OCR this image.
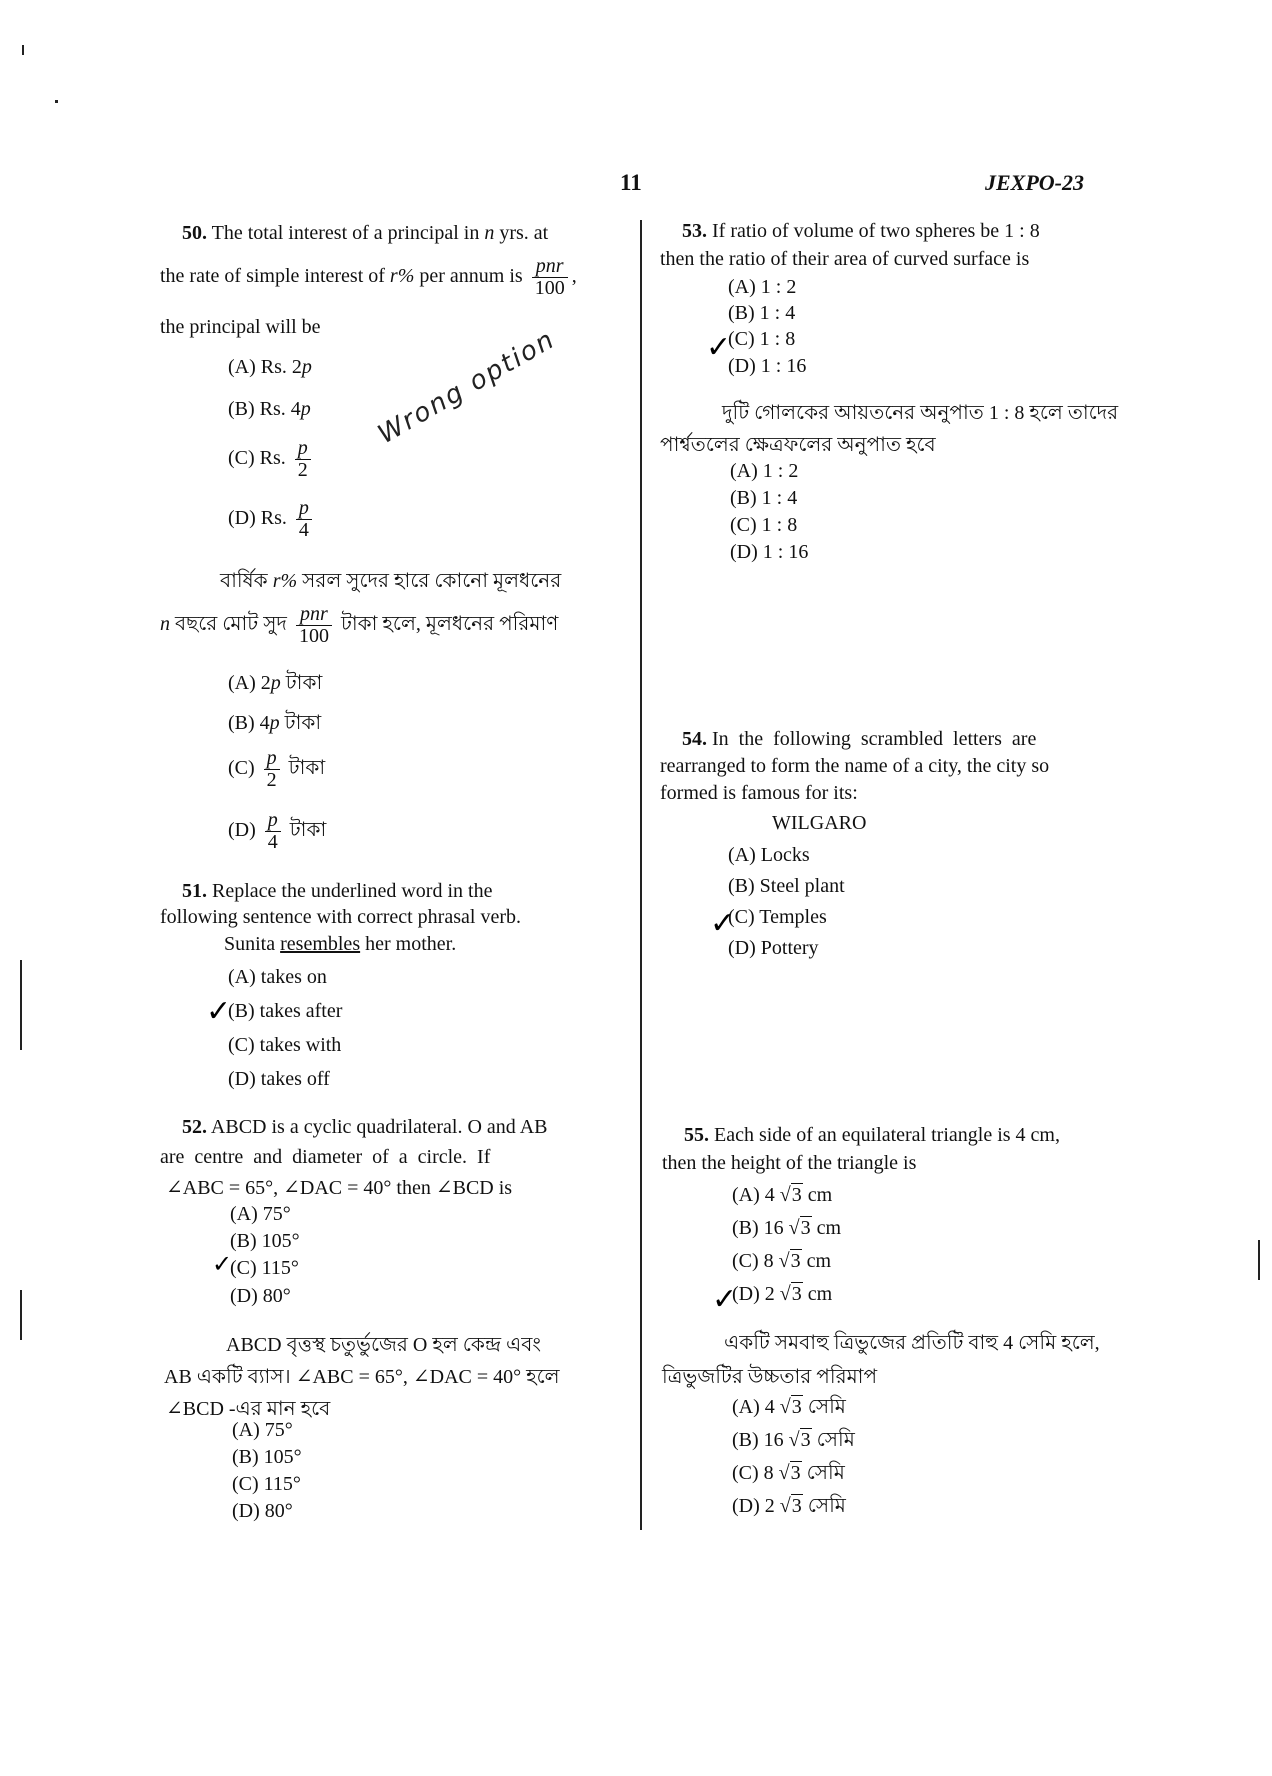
11	JEXPO-23
50. The total interest of a principal in n yrs. at
the rate of simple interest of r% per annum is $\frac{\text{pnr}}{100}$ ,
the principal will be
(A) Rs. 2p
(B) Rs. 4p
(C) Rs. $\frac{p}{2}$
(D) Rs. $\frac{p}{4}$
Wrong option
বার্ষিক r% সরল সুদের হারে কোনো মূলধনের
n বছরে মোট সুদ $\frac{\text{pnr}}{100}$ টাকা হলে, মূলধনের পরিমাণ
(A) 2p টাকা
(B) 4p টাকা
$(C) \frac{p}{2}$ টাকা
$(D) \frac{p}{4}$ টাকা
51. Replace the underlined word in the
following sentence with correct phrasal verb.
Sunita resembles her mother.
(A) takes on
(B) takes after
(C) takes with
(D) takes off
✓
52. ABCD is a cyclic quadrilateral. O and AB
are  centre  and  diameter  of  a  circle.  If
∠ABC = 65°, ∠DAC = 40° then ∠BCD is
(A) 75°
(B) 105°
(C) 115°
(D) 80°
✓
ABCD বৃত্তস্থ চতুর্ভুজের O হল কেন্দ্র এবং
AB একটি ব্যাস। ∠ABC = 65°, ∠DAC = 40° হলে
∠BCD -এর মান হবে
(A) 75°
(B) 105°
(C) 115°
(D) 80°
53. If ratio of volume of two spheres be 1 : 8
then the ratio of their area of curved surface is
(A) 1 : 2
(B) 1 : 4
(C) 1 : 8
(D) 1 : 16
✓
দুটি গোলকের আয়তনের অনুপাত 1 : 8 হলে তাদের
পার্শ্বতলের ক্ষেত্রফলের অনুপাত হবে
(A) 1 : 2
(B) 1 : 4
(C) 1 : 8
(D) 1 : 16
54. In  the  following  scrambled  letters  are
rearranged to form the name of a city, the city so
formed is famous for its:
WILGARO
(A) Locks
(B) Steel plant
(C) Temples
(D) Pottery
✓
55. Each side of an equilateral triangle is 4 cm,
then the height of the triangle is
(A) 4 √3 cm
(B) 16 √3 cm
(C) 8 √3 cm
(D) 2 √3 cm
✓
একটি সমবাহু ত্রিভুজের প্রতিটি বাহু 4 সেমি হলে,
ত্রিভুজটির উচ্চতার পরিমাপ
(A) 4 √3 সেমি
(B) 16 √3 সেমি
(C) 8 √3 সেমি
(D) 2 √3 সেমি
